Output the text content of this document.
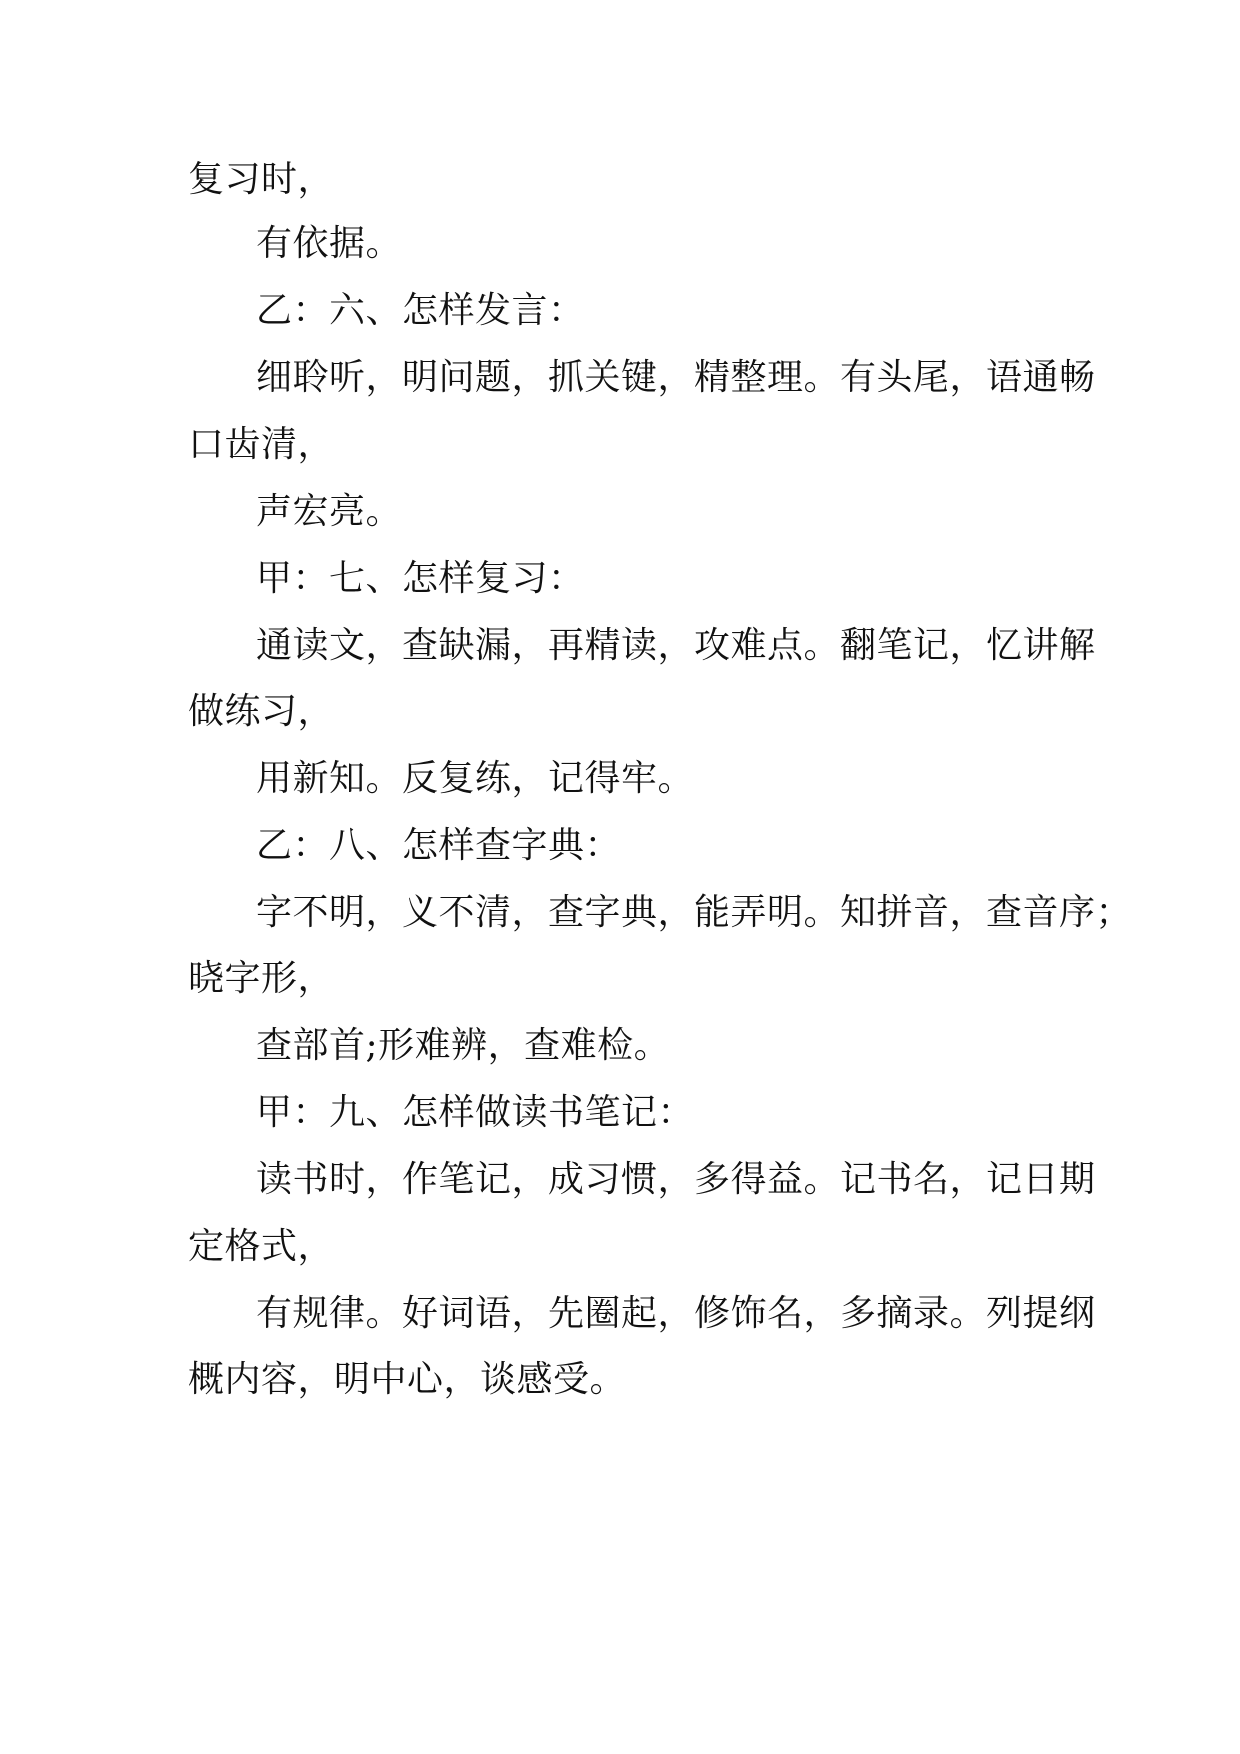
复习时，
有依据。
乙：六、怎样发言：
细聆听，明问题，抓关键，精整理。有头尾，语通畅
口齿清，
声宏亮。
甲：七、怎样复习：
通读文，查缺漏，再精读，攻难点。翻笔记，忆讲解
做练习，
用新知。反复练，记得牢。
乙：八、怎样查字典：
字不明，义不清，查字典，能弄明。知拼音，查音序；
晓字形，
查部首;形难辨，查难检。
甲：九、怎样做读书笔记：
读书时，作笔记，成习惯，多得益。记书名，记日期
定格式，
有规律。好词语，先圈起，修饰名，多摘录。列提纲
概内容，明中心，谈感受。
